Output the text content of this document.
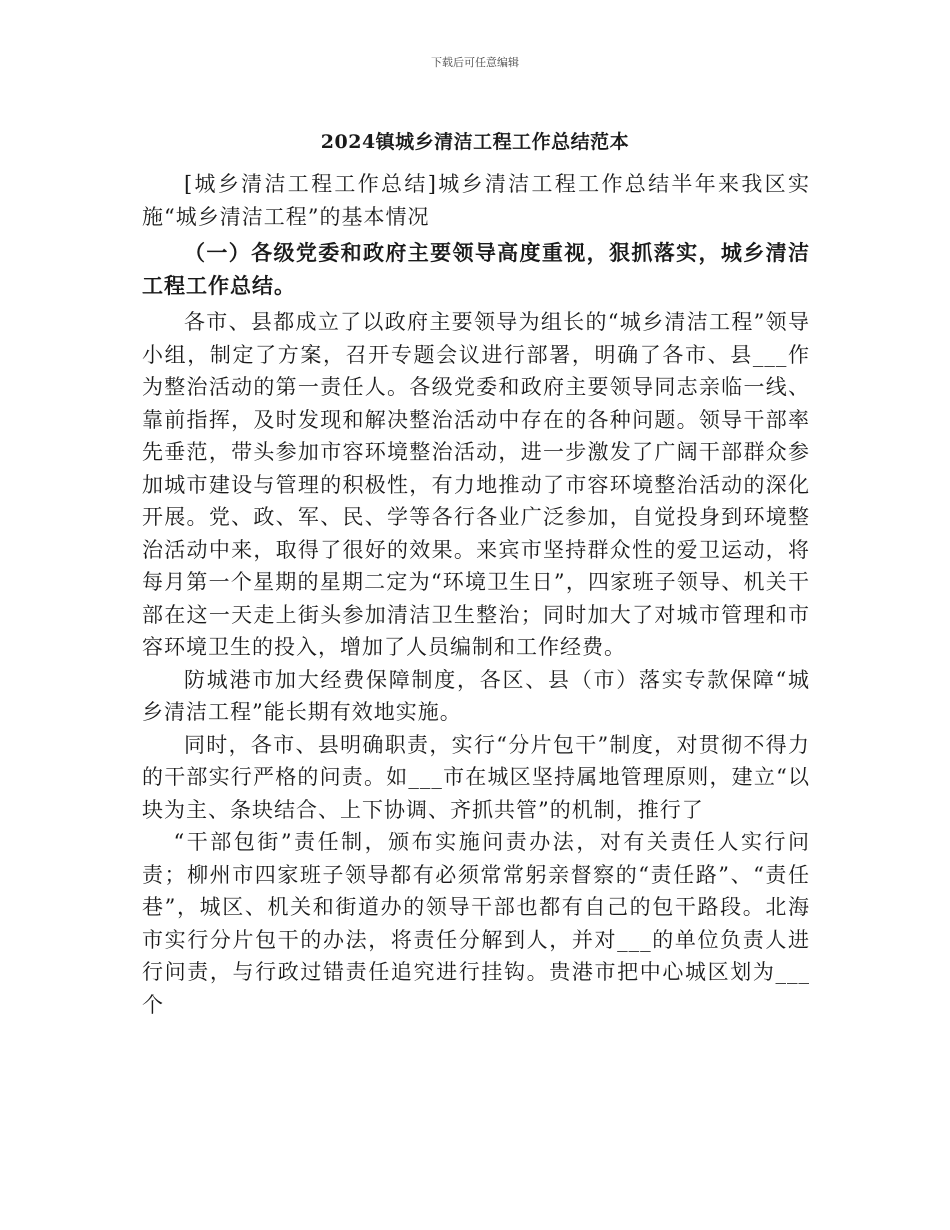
下载后可任意编辑
2024镇城乡清洁工程工作总结范本

[城乡清洁工程工作总结]城乡清洁工程工作总结半年来我区实施“城乡清洁工程”的基本情况

（一）各级党委和政府主要领导高度重视，狠抓落实，城乡清洁工程工作总结。

各市、县都成立了以政府主要领导为组长的“城乡清洁工程”领导小组，制定了方案，召开专题会议进行部署，明确了各市、县___作为整治活动的第一责任人。各级党委和政府主要领导同志亲临一线、靠前指挥，及时发现和解决整治活动中存在的各种问题。领导干部率先垂范，带头参加市容环境整治活动，进一步激发了广阔干部群众参加城市建设与管理的积极性，有力地推动了市容环境整治活动的深化开展。党、政、军、民、学等各行各业广泛参加，自觉投身到环境整治活动中来，取得了很好的效果。来宾市坚持群众性的爱卫运动，将每月第一个星期的星期二定为“环境卫生日”，四家班子领导、机关干部在这一天走上街头参加清洁卫生整治；同时加大了对城市管理和市容环境卫生的投入，增加了人员编制和工作经费。

防城港市加大经费保障制度，各区、县（市）落实专款保障“城乡清洁工程”能长期有效地实施。

同时，各市、县明确职责，实行“分片包干”制度，对贯彻不得力的干部实行严格的问责。如___市在城区坚持属地管理原则，建立“以块为主、条块结合、上下协调、齐抓共管”的机制，推行了

“干部包街”责任制，颁布实施问责办法，对有关责任人实行问责；柳州市四家班子领导都有必须常常躬亲督察的“责任路”、“责任巷”，城区、机关和街道办的领导干部也都有自己的包干路段。北海市实行分片包干的办法，将责任分解到人，并对___的单位负责人进行问责，与行政过错责任追究进行挂钩。贵港市把中心城区划为___个
